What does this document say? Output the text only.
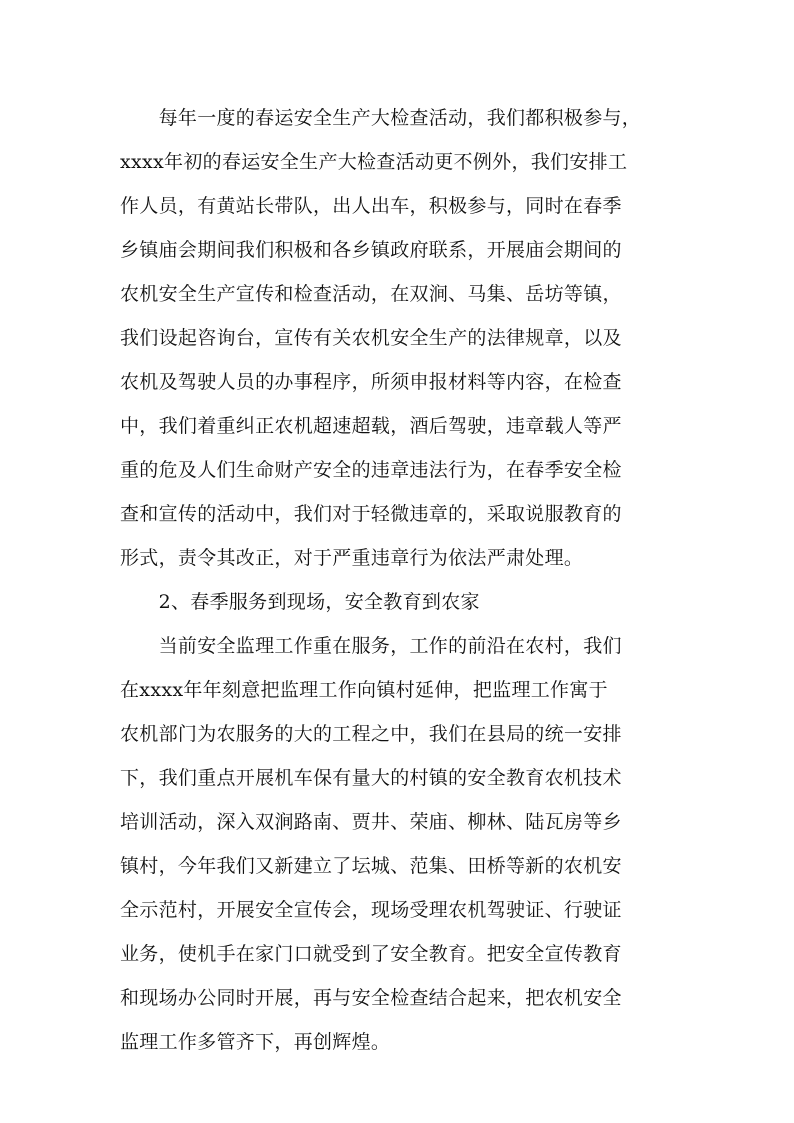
　　每年一度的春运安全生产大检查活动，我们都积极参与，
xxxx年初的春运安全生产大检查活动更不例外，我们安排工
作人员，有黄站长带队，出人出车，积极参与，同时在春季
乡镇庙会期间我们积极和各乡镇政府联系，开展庙会期间的
农机安全生产宣传和检查活动，在双涧、马集、岳坊等镇，
我们设起咨询台，宣传有关农机安全生产的法律规章，以及
农机及驾驶人员的办事程序，所须申报材料等内容，在检查
中，我们着重纠正农机超速超载，酒后驾驶，违章载人等严
重的危及人们生命财产安全的违章违法行为，在春季安全检
查和宣传的活动中，我们对于轻微违章的，采取说服教育的
形式，责令其改正，对于严重违章行为依法严肃处理。
　　2、春季服务到现场，安全教育到农家
　　当前安全监理工作重在服务，工作的前沿在农村，我们
在xxxx年年刻意把监理工作向镇村延伸，把监理工作寓于
农机部门为农服务的大的工程之中，我们在县局的统一安排
下，我们重点开展机车保有量大的村镇的安全教育农机技术
培训活动，深入双涧路南、贾井、荣庙、柳林、陆瓦房等乡
镇村，今年我们又新建立了坛城、范集、田桥等新的农机安
全示范村，开展安全宣传会，现场受理农机驾驶证、行驶证
业务，使机手在家门口就受到了安全教育。把安全宣传教育
和现场办公同时开展，再与安全检查结合起来，把农机安全
监理工作多管齐下，再创辉煌。
